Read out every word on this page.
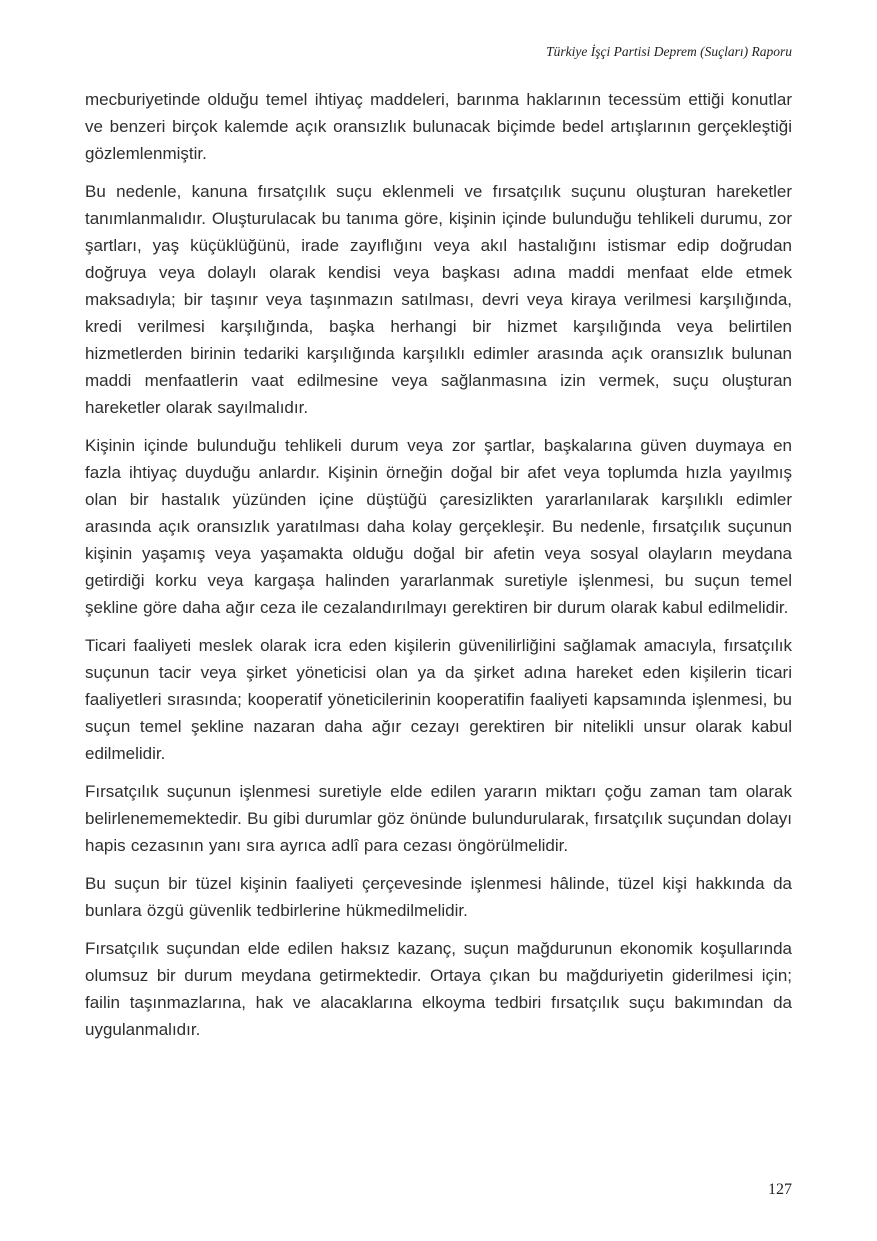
Türkiye İşçi Partisi Deprem (Suçları) Raporu

mecburiyetinde olduğu temel ihtiyaç maddeleri, barınma haklarının tecessüm ettiği konutlar ve benzeri birçok kalemde açık oransızlık bulunacak biçimde bedel artışlarının gerçekleştiği gözlemlenmiştir.

Bu nedenle, kanuna fırsatçılık suçu eklenmeli ve fırsatçılık suçunu oluşturan hareketler tanımlanmalıdır. Oluşturulacak bu tanıma göre, kişinin içinde bulunduğu tehlikeli durumu, zor şartları, yaş küçüklüğünü, irade zayıflığını veya akıl hastalığını istismar edip doğrudan doğruya veya dolaylı olarak kendisi veya başkası adına maddi menfaat elde etmek maksadıyla; bir taşınır veya taşınmazın satılması, devri veya kiraya verilmesi karşılığında, kredi verilmesi karşılığında, başka herhangi bir hizmet karşılığında veya belirtilen hizmetlerden birinin tedariki karşılığında karşılıklı edimler arasında açık oransızlık bulunan maddi menfaatlerin vaat edilmesine veya sağlanmasına izin vermek, suçu oluşturan hareketler olarak sayılmalıdır.

Kişinin içinde bulunduğu tehlikeli durum veya zor şartlar, başkalarına güven duymaya en fazla ihtiyaç duyduğu anlardır. Kişinin örneğin doğal bir afet veya toplumda hızla yayılmış olan bir hastalık yüzünden içine düştüğü çaresizlikten yararlanılarak karşılıklı edimler arasında açık oransızlık yaratılması daha kolay gerçekleşir. Bu nedenle, fırsatçılık suçunun kişinin yaşamış veya yaşamakta olduğu doğal bir afetin veya sosyal olayların meydana getirdiği korku veya kargaşa halinden yararlanmak suretiyle işlenmesi, bu suçun temel şekline göre daha ağır ceza ile cezalandırılmayı gerektiren bir durum olarak kabul edilmelidir.

Ticari faaliyeti meslek olarak icra eden kişilerin güvenilirliğini sağlamak amacıyla, fırsatçılık suçunun tacir veya şirket yöneticisi olan ya da şirket adına hareket eden kişilerin ticari faaliyetleri sırasında; kooperatif yöneticilerinin kooperatifin faaliyeti kapsamında işlenmesi, bu suçun temel şekline nazaran daha ağır cezayı gerektiren bir nitelikli unsur olarak kabul edilmelidir.

Fırsatçılık suçunun işlenmesi suretiyle elde edilen yararın miktarı çoğu zaman tam olarak belirlenememektedir. Bu gibi durumlar göz önünde bulundurularak, fırsatçılık suçundan dolayı hapis cezasının yanı sıra ayrıca adlî para cezası öngörülmelidir.

Bu suçun bir tüzel kişinin faaliyeti çerçevesinde işlenmesi hâlinde, tüzel kişi hakkında da bunlara özgü güvenlik tedbirlerine hükmedilmelidir.

Fırsatçılık suçundan elde edilen haksız kazanç, suçun mağdurunun ekonomik koşullarında olumsuz bir durum meydana getirmektedir. Ortaya çıkan bu mağduriyetin giderilmesi için; failin taşınmazlarına, hak ve alacaklarına elkoyma tedbiri fırsatçılık suçu bakımından da uygulanmalıdır.

127
